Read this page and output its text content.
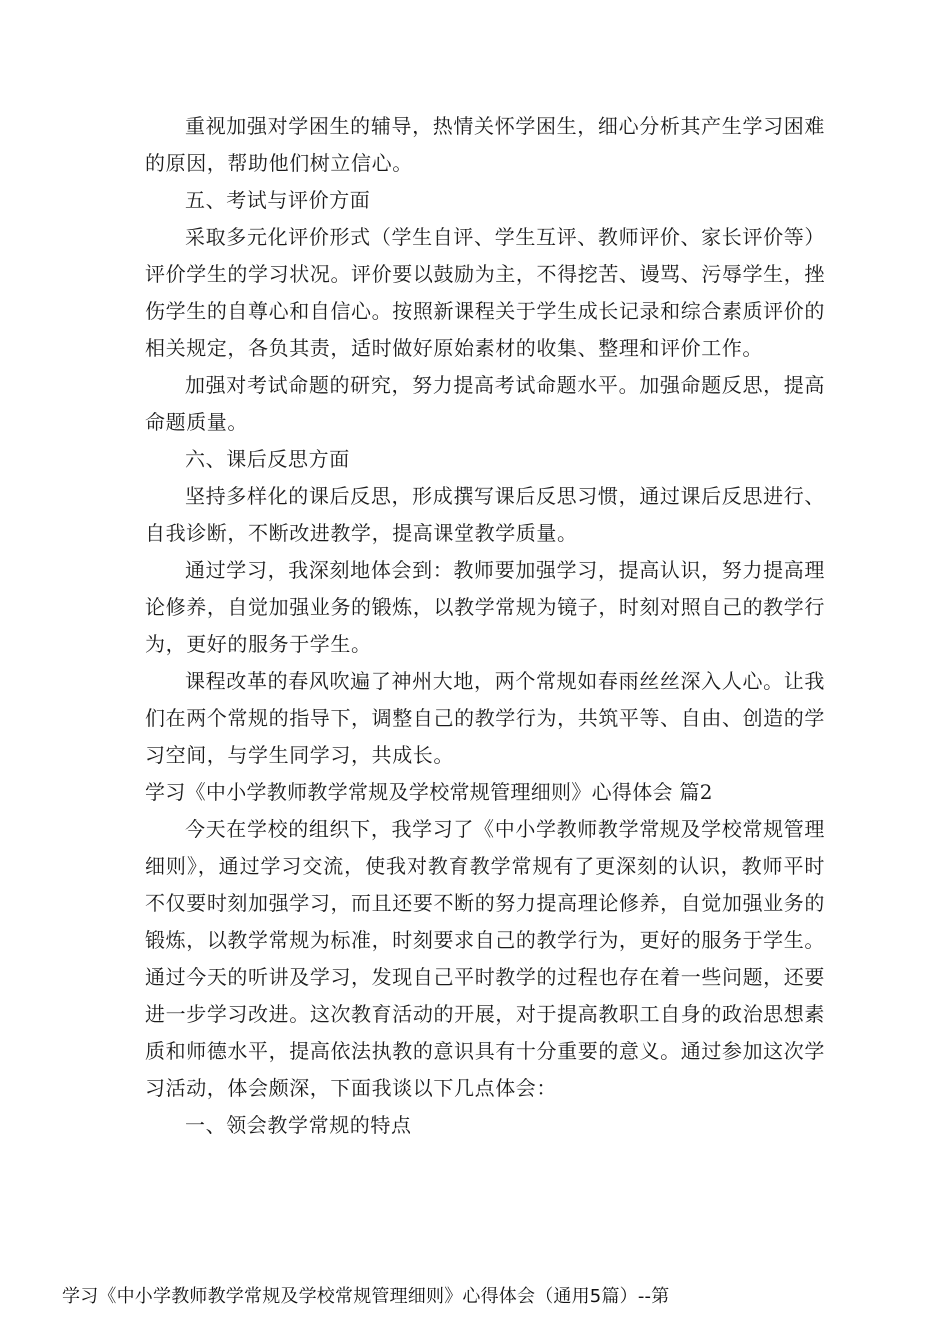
重视加强对学困生的辅导，热情关怀学困生，细心分析其产生学习困难的原因，帮助他们树立信心。

五、考试与评价方面

采取多元化评价形式（学生自评、学生互评、教师评价、家长评价等）评价学生的学习状况。评价要以鼓励为主，不得挖苦、谩骂、污辱学生，挫伤学生的自尊心和自信心。按照新课程关于学生成长记录和综合素质评价的相关规定，各负其责，适时做好原始素材的收集、整理和评价工作。

加强对考试命题的研究，努力提高考试命题水平。加强命题反思，提高命题质量。

六、课后反思方面

坚持多样化的课后反思，形成撰写课后反思习惯，通过课后反思进行、自我诊断，不断改进教学，提高课堂教学质量。

通过学习，我深刻地体会到：教师要加强学习，提高认识，努力提高理论修养，自觉加强业务的锻炼，以教学常规为镜子，时刻对照自己的教学行为，更好的服务于学生。

课程改革的春风吹遍了神州大地，两个常规如春雨丝丝深入人心。让我们在两个常规的指导下，调整自己的教学行为，共筑平等、自由、创造的学习空间，与学生同学习，共成长。

学习《中小学教师教学常规及学校常规管理细则》心得体会 篇2

今天在学校的组织下，我学习了《中小学教师教学常规及学校常规管理细则》，通过学习交流，使我对教育教学常规有了更深刻的认识，教师平时不仅要时刻加强学习，而且还要不断的努力提高理论修养，自觉加强业务的锻炼，以教学常规为标准，时刻要求自己的教学行为，更好的服务于学生。通过今天的听讲及学习，发现自己平时教学的过程也存在着一些问题，还要进一步学习改进。这次教育活动的开展，对于提高教职工自身的政治思想素质和师德水平，提高依法执教的意识具有十分重要的意义。通过参加这次学习活动，体会颇深，下面我谈以下几点体会：

一、领会教学常规的特点

学习《中小学教师教学常规及学校常规管理细则》心得体会（通用5篇）--第
